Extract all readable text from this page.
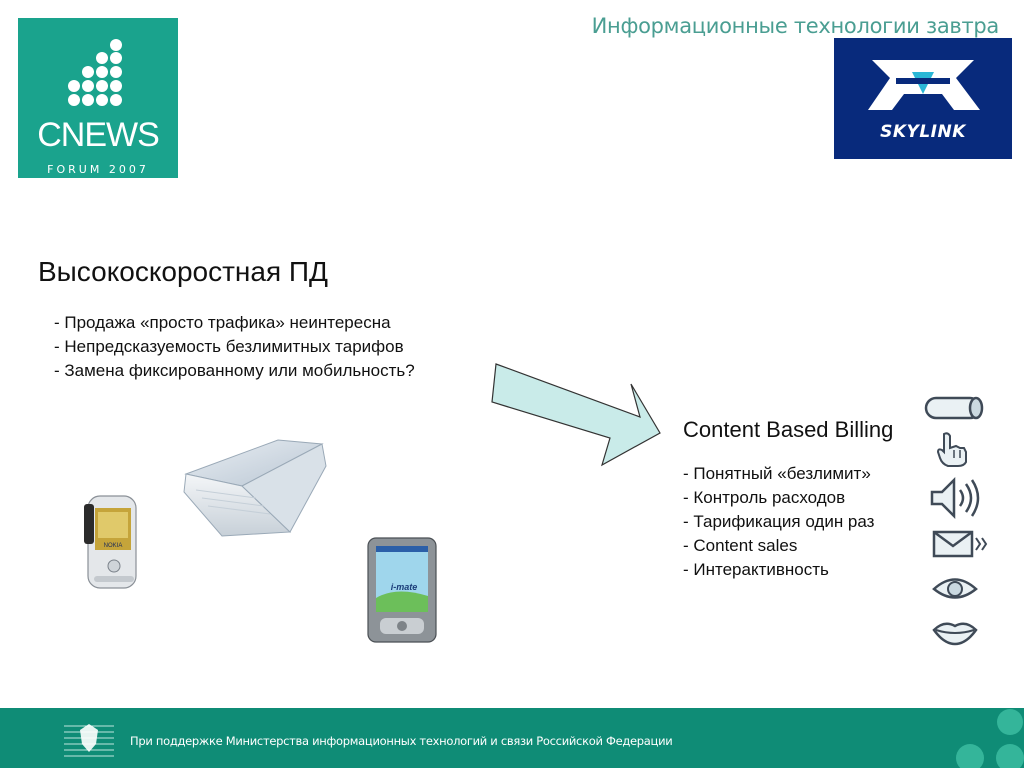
CNEWS
FORUM 2007
Информационные технологии завтра
SKYLINK
Высокоскоростная ПД
- Продажа «просто трафика» неинтересна
- Непредсказуемость безлимитных тарифов
- Замена фиксированному или мобильность?
NOKIA
i-mate
Content Based Billing
- Понятный «безлимит»
- Контроль расходов
- Тарификация один раз
- Content sales
- Интерактивность
При поддержке Министерства информационных технологий и связи Российской Федерации
